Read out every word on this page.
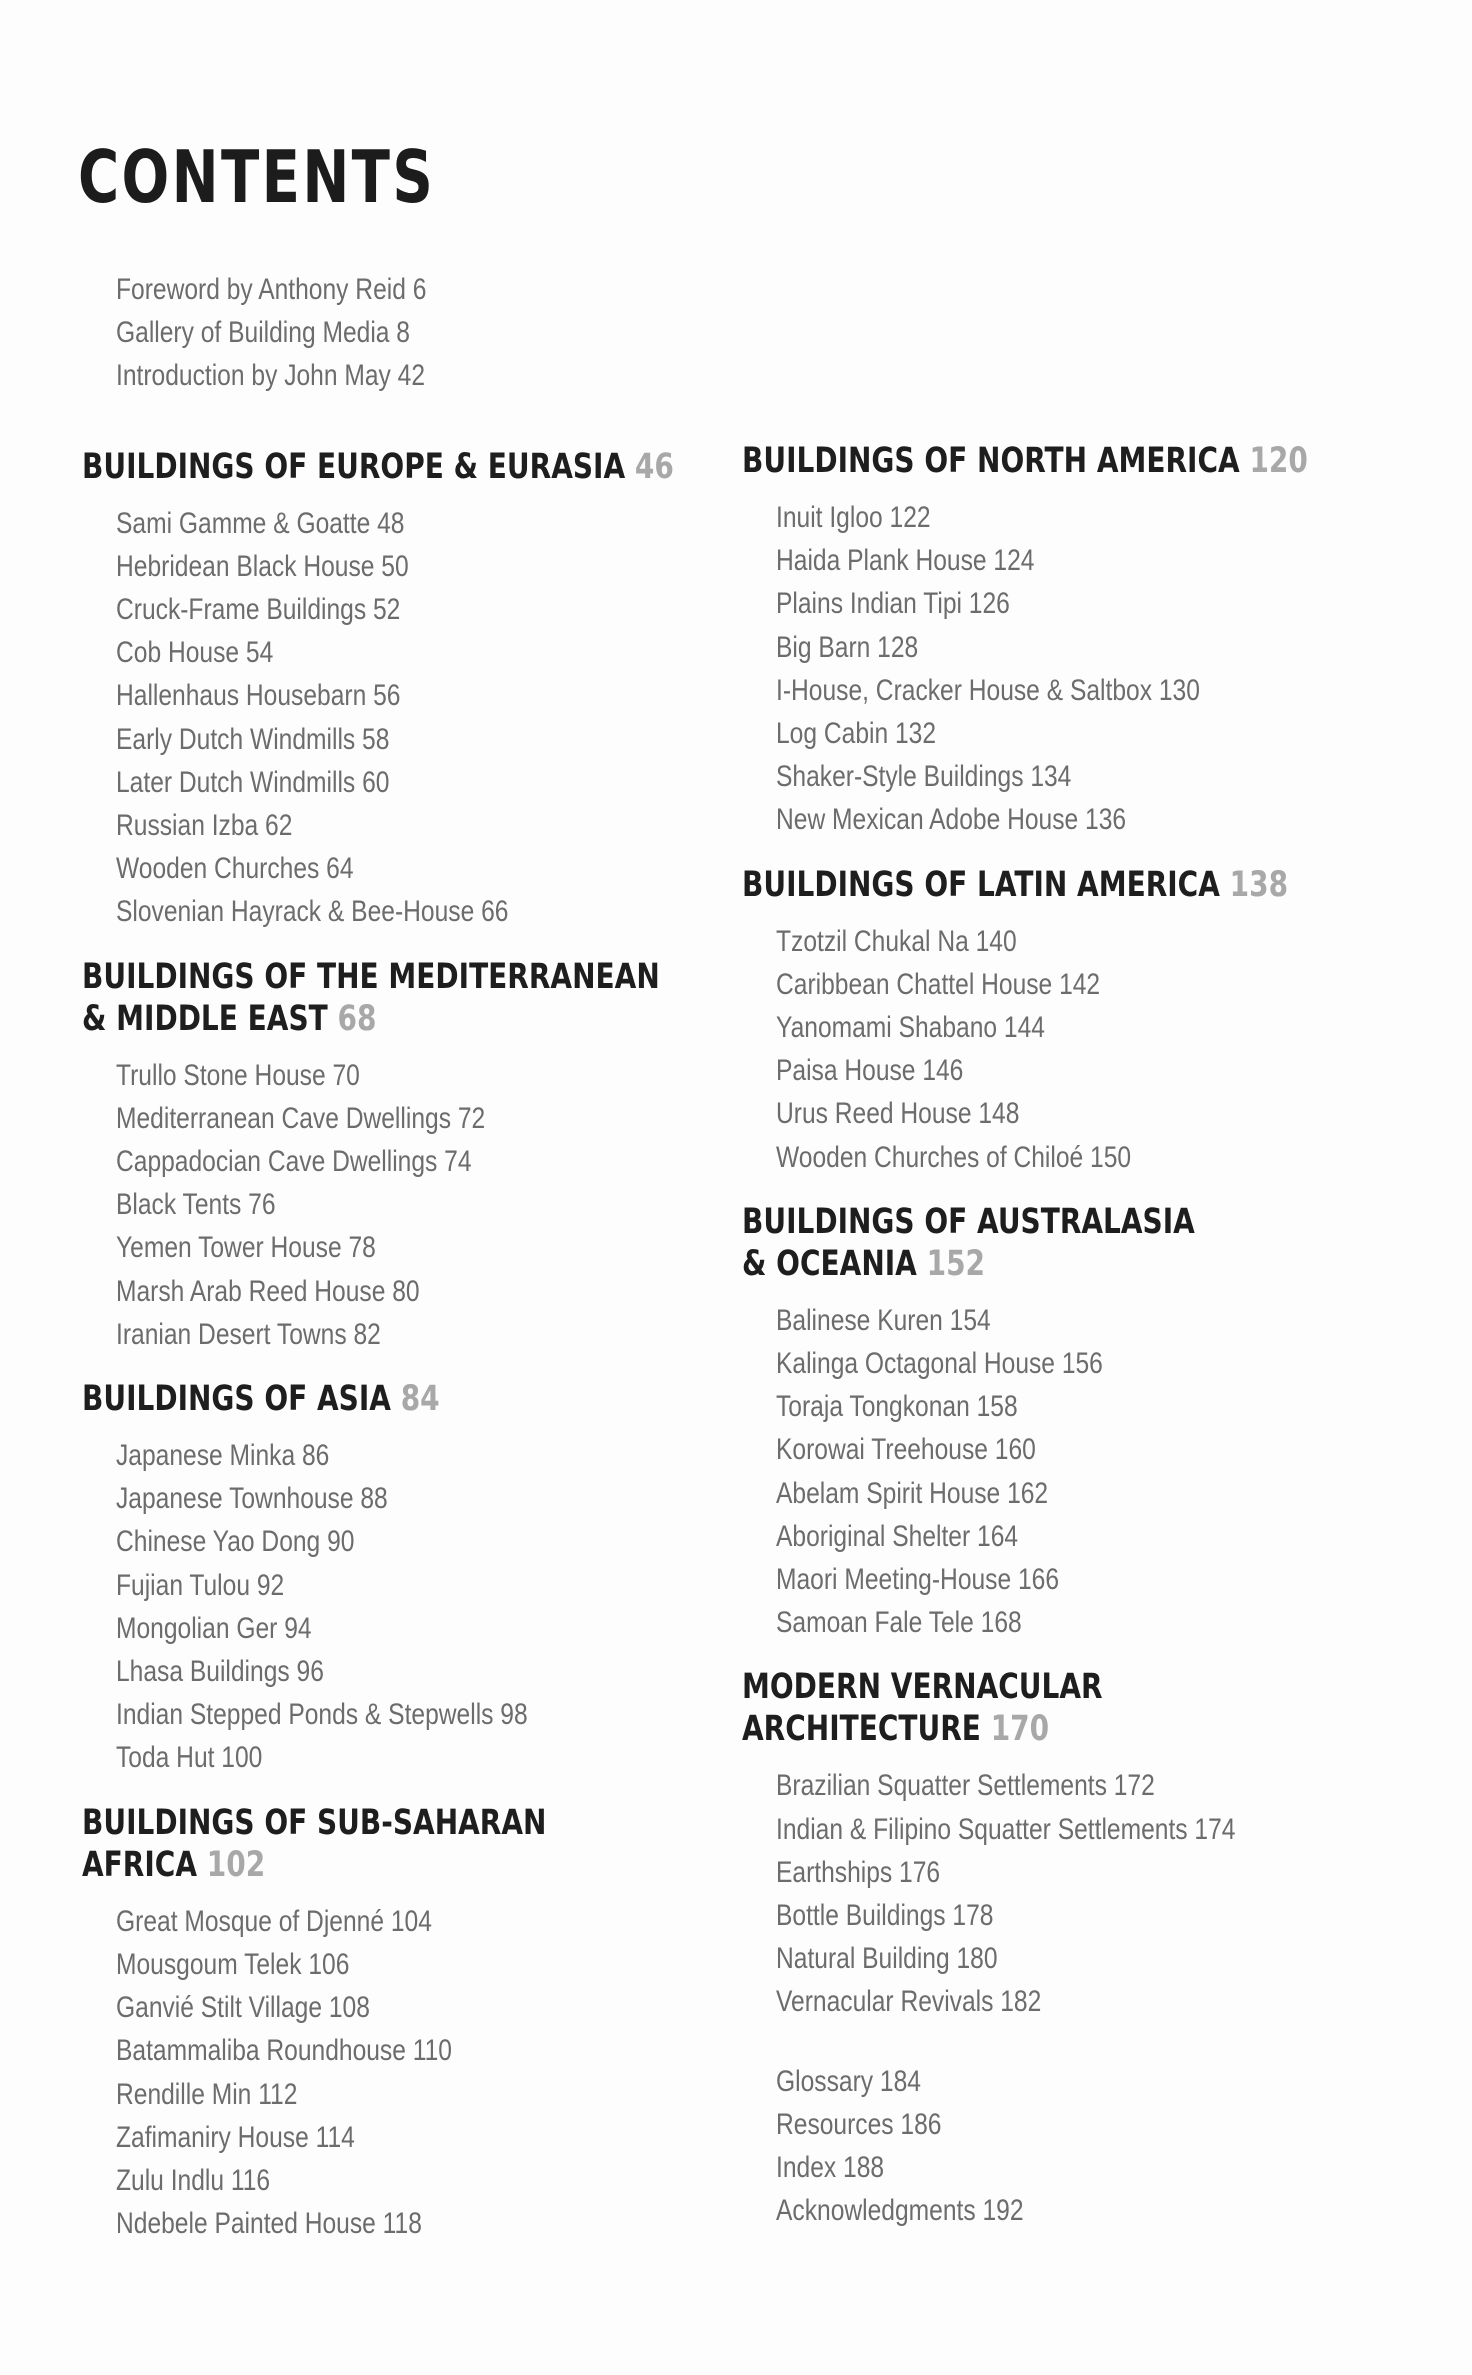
CONTENTS
Foreword by Anthony Reid 6
Gallery of Building Media 8
Introduction by John May 42
BUILDINGS OF EUROPE & EURASIA 46
Sami Gamme & Goatte 48
Hebridean Black House 50
Cruck-Frame Buildings 52
Cob House 54
Hallenhaus Housebarn 56
Early Dutch Windmills 58
Later Dutch Windmills 60
Russian Izba 62
Wooden Churches 64
Slovenian Hayrack & Bee-House 66
BUILDINGS OF THE MEDITERRANEAN
& MIDDLE EAST 68
Trullo Stone House 70
Mediterranean Cave Dwellings 72
Cappadocian Cave Dwellings 74
Black Tents 76
Yemen Tower House 78
Marsh Arab Reed House 80
Iranian Desert Towns 82
BUILDINGS OF ASIA 84
Japanese Minka 86
Japanese Townhouse 88
Chinese Yao Dong 90
Fujian Tulou 92
Mongolian Ger 94
Lhasa Buildings 96
Indian Stepped Ponds & Stepwells 98
Toda Hut 100
BUILDINGS OF SUB-SAHARAN
AFRICA 102
Great Mosque of Djenné 104
Mousgoum Telek 106
Ganvié Stilt Village 108
Batammaliba Roundhouse 110
Rendille Min 112
Zafimaniry House 114
Zulu Indlu 116
Ndebele Painted House 118
BUILDINGS OF NORTH AMERICA 120
Inuit Igloo 122
Haida Plank House 124
Plains Indian Tipi 126
Big Barn 128
I-House, Cracker House & Saltbox 130
Log Cabin 132
Shaker-Style Buildings 134
New Mexican Adobe House 136
BUILDINGS OF LATIN AMERICA 138
Tzotzil Chukal Na 140
Caribbean Chattel House 142
Yanomami Shabano 144
Paisa House 146
Urus Reed House 148
Wooden Churches of Chiloé 150
BUILDINGS OF AUSTRALASIA
& OCEANIA 152
Balinese Kuren 154
Kalinga Octagonal House 156
Toraja Tongkonan 158
Korowai Treehouse 160
Abelam Spirit House 162
Aboriginal Shelter 164
Maori Meeting-House 166
Samoan Fale Tele 168
MODERN VERNACULAR
ARCHITECTURE 170
Brazilian Squatter Settlements 172
Indian & Filipino Squatter Settlements 174
Earthships 176
Bottle Buildings 178
Natural Building 180
Vernacular Revivals 182
Glossary 184
Resources 186
Index 188
Acknowledgments 192
